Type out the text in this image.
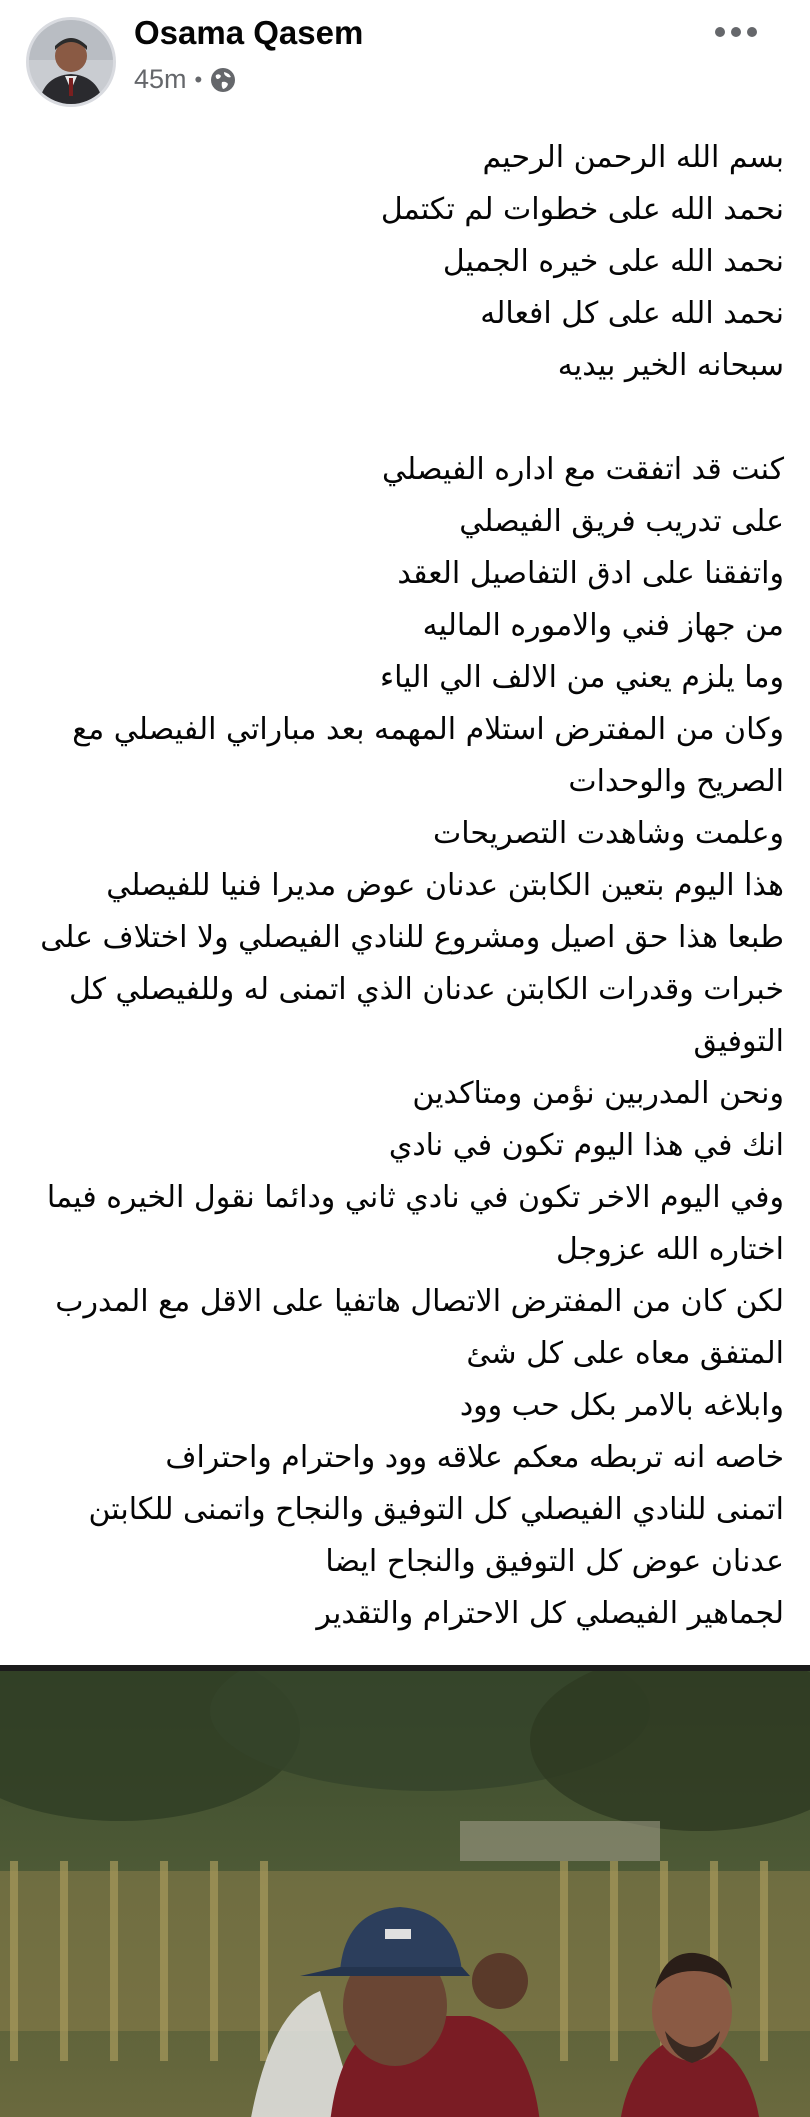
Osama Qasem
45m •
بسم الله الرحمن الرحيم
نحمد الله على خطوات لم تكتمل
نحمد الله على خيره الجميل
نحمد الله على كل افعاله
سبحانه الخير بيديه
كنت قد اتفقت مع اداره الفيصلي
على تدريب فريق الفيصلي
واتفقنا على ادق التفاصيل العقد
من جهاز فني والاموره الماليه
وما يلزم يعني من الالف الي الياء
وكان من المفترض استلام المهمه بعد مباراتي الفيصلي مع الصريح والوحدات
وعلمت وشاهدت التصريحات
هذا اليوم بتعين الكابتن عدنان عوض مديرا فنيا للفيصلي
طبعا هذا حق اصيل ومشروع للنادي الفيصلي ولا اختلاف على خبرات وقدرات الكابتن عدنان الذي اتمنى له وللفيصلي كل التوفيق
ونحن المدربين نؤمن ومتاكدين
انك في هذا اليوم تكون في نادي
وفي اليوم الاخر تكون في نادي ثاني ودائما نقول الخيره فيما اختاره الله عزوجل
لكن كان من المفترض الاتصال هاتفيا على الاقل مع المدرب المتفق معاه على كل شئ
وابلاغه بالامر بكل حب وود
خاصه انه تربطه معكم علاقه وود واحترام واحتراف
اتمنى للنادي الفيصلي كل التوفيق والنجاح واتمنى للكابتن عدنان عوض كل التوفيق والنجاح ايضا
لجماهير الفيصلي كل الاحترام والتقدير
